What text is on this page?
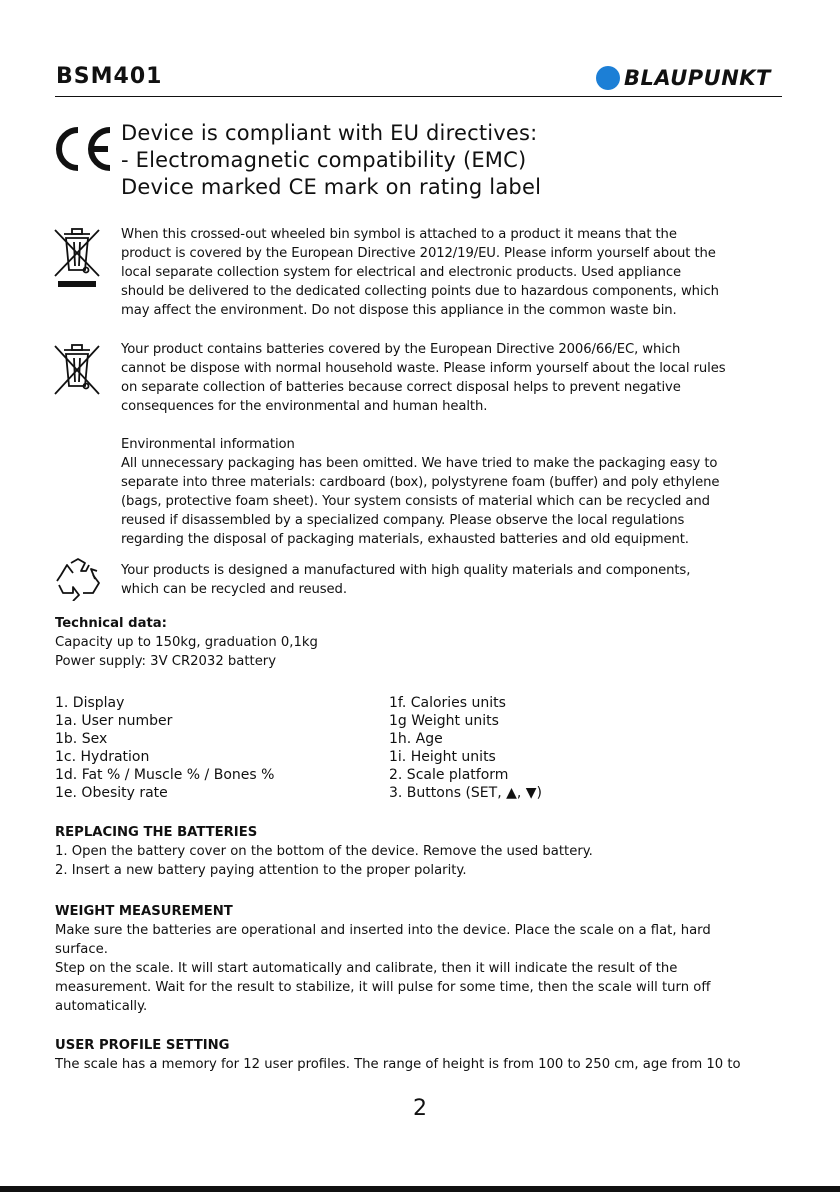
BSM401	BLAUPUNKT
Device is compliant with EU directives:
- Electromagnetic compatibility (EMC)
Device marked CE mark on rating label
When this crossed-out wheeled bin symbol is attached to a product it means that the
product is covered by the European Directive 2012/19/EU. Please inform yourself about the
local separate collection system for electrical and electronic products. Used appliance
should be delivered to the dedicated collecting points due to hazardous components, which
may affect the environment. Do not dispose this appliance in the common waste bin.
Your product contains batteries covered by the European Directive 2006/66/EC, which
cannot be dispose with normal household waste. Please inform yourself about the local rules
on separate collection of batteries because correct disposal helps to prevent negative
consequences for the environmental and human health.
Environmental information
All unnecessary packaging has been omitted. We have tried to make the packaging easy to
separate into three materials: cardboard (box), polystyrene foam (buffer) and poly ethylene
(bags, protective foam sheet). Your system consists of material which can be recycled and
reused if disassembled by a specialized company. Please observe the local regulations
regarding the disposal of packaging materials, exhausted batteries and old equipment.
Your products is designed a manufactured with high quality materials and components,
which can be recycled and reused.
Technical data:
Capacity up to 150kg, graduation 0,1kg
Power supply: 3V CR2032 battery
1. Display
1a. User number
1b. Sex
1c. Hydration
1d. Fat % / Muscle % / Bones %
1e. Obesity rate
1f. Calories units
1g Weight units
1h. Age
1i. Height units
2. Scale platform
3. Buttons (SET, ▲, ▼)
REPLACING THE BATTERIES
1. Open the battery cover on the bottom of the device. Remove the used battery.
2. Insert a new battery paying attention to the proper polarity.
WEIGHT MEASUREMENT
Make sure the batteries are operational and inserted into the device. Place the scale on a flat, hard
surface.
Step on the scale. It will start automatically and calibrate, then it will indicate the result of the
measurement. Wait for the result to stabilize, it will pulse for some time, then the scale will turn off
automatically.
USER PROFILE SETTING
The scale has a memory for 12 user profiles. The range of height is from 100 to 250 cm, age from 10 to
2
